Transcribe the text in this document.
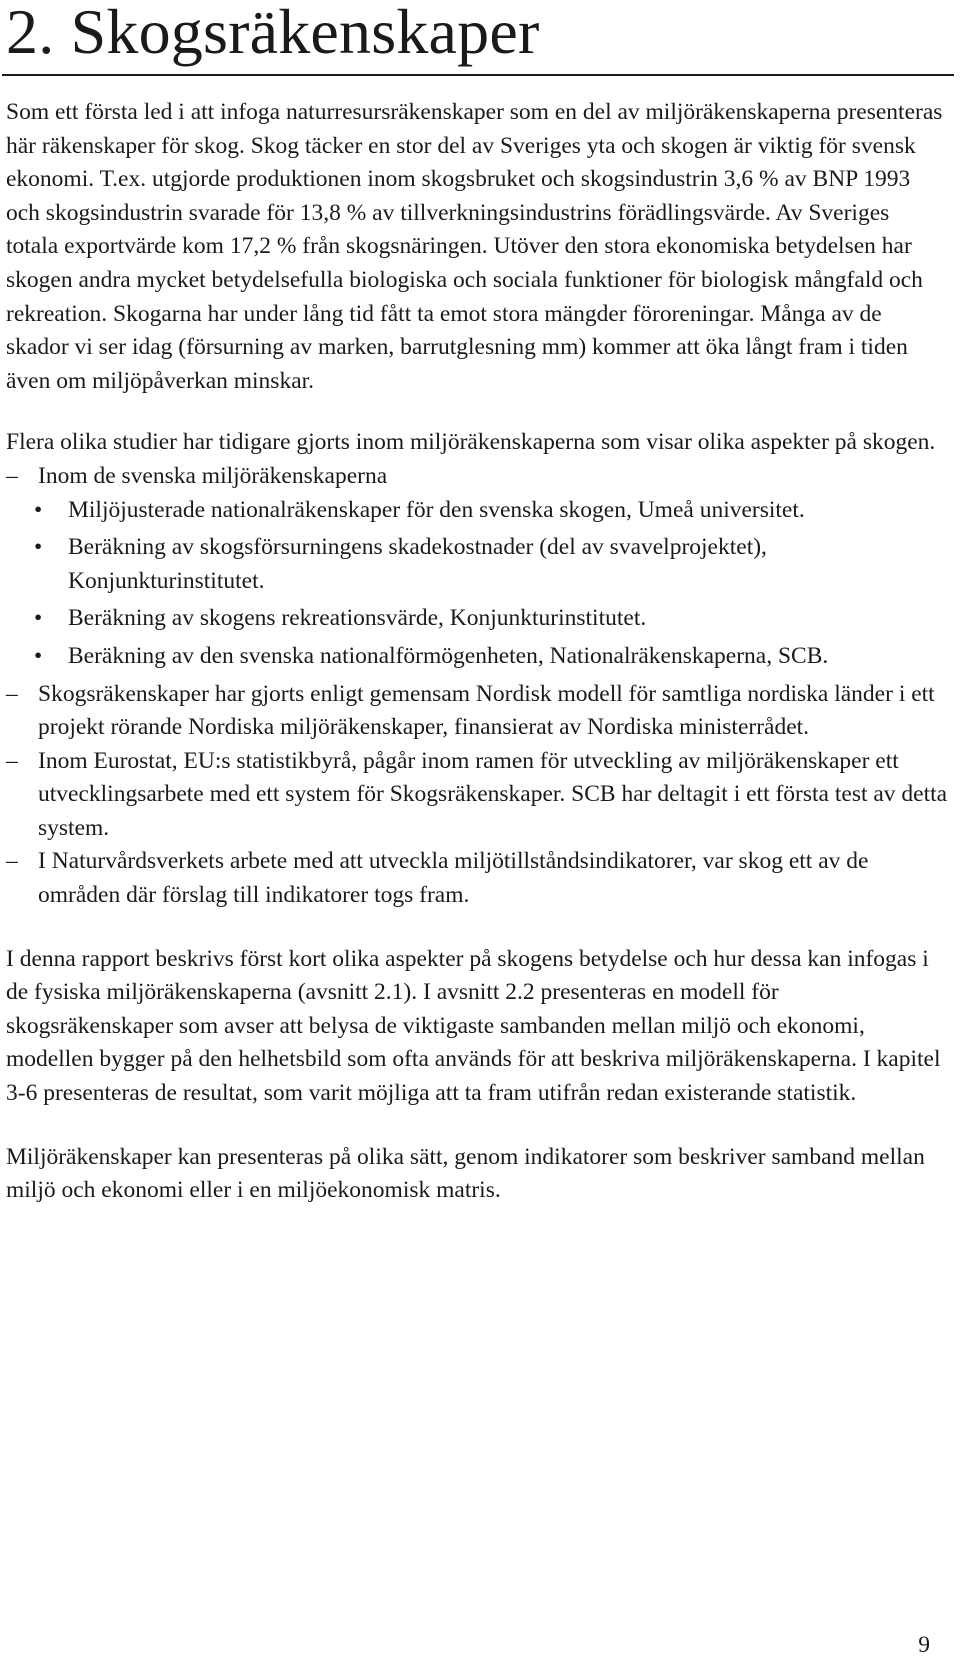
2. Skogsräkenskaper

Som ett första led i att infoga naturresursräkenskaper som en del av miljöräkenskaperna presenteras här räkenskaper för skog. Skog täcker en stor del av Sveriges yta och skogen är viktig för svensk ekonomi. T.ex. utgjorde produktionen inom skogsbruket och skogsindustrin 3,6 % av BNP 1993 och skogsindustrin svarade för 13,8 % av tillverkningsindustrins förädlingsvärde. Av Sveriges totala exportvärde kom 17,2 % från skogsnäringen. Utöver den stora ekonomiska betydelsen har skogen andra mycket betydelsefulla biologiska och sociala funktioner för biologisk mångfald och rekreation. Skogarna har under lång tid fått ta emot stora mängder föroreningar. Många av de skador vi ser idag (försurning av marken, barrutglesning mm) kommer att öka långt fram i tiden även om miljöpåverkan minskar.

Flera olika studier har tidigare gjorts inom miljöräkenskaperna som visar olika aspekter på skogen.

– Inom de svenska miljöräkenskaperna
• Miljöjusterade nationalräkenskaper för den svenska skogen, Umeå universitet.
• Beräkning av skogsförsurningens skadekostnader (del av svavelprojektet), Konjunkturinstitutet.
• Beräkning av skogens rekreationsvärde, Konjunkturinstitutet.
• Beräkning av den svenska nationalförmögenheten, Nationalräkenskaperna, SCB.
– Skogsräkenskaper har gjorts enligt gemensam Nordisk modell för samtliga nordiska länder i ett projekt rörande Nordiska miljöräkenskaper, finansierat av Nordiska ministerrådet.
– Inom Eurostat, EU:s statistikbyrå, pågår inom ramen för utveckling av miljöräkenskaper ett utvecklingsarbete med ett system för Skogsräkenskaper. SCB har deltagit i ett första test av detta system.
– I Naturvårdsverkets arbete med att utveckla miljötillståndsindikatorer, var skog ett av de områden där förslag till indikatorer togs fram.

I denna rapport beskrivs först kort olika aspekter på skogens betydelse och hur dessa kan infogas i de fysiska miljöräkenskaperna (avsnitt 2.1). I avsnitt 2.2 presenteras en modell för skogsräkenskaper som avser att belysa de viktigaste sambanden mellan miljö och ekonomi, modellen bygger på den helhetsbild som ofta används för att beskriva miljöräkenskaperna. I kapitel 3-6 presenteras de resultat, som varit möjliga att ta fram utifrån redan existerande statistik.

Miljöräkenskaper kan presenteras på olika sätt, genom indikatorer som beskriver samband mellan miljö och ekonomi eller i en miljöekonomisk matris.

9
